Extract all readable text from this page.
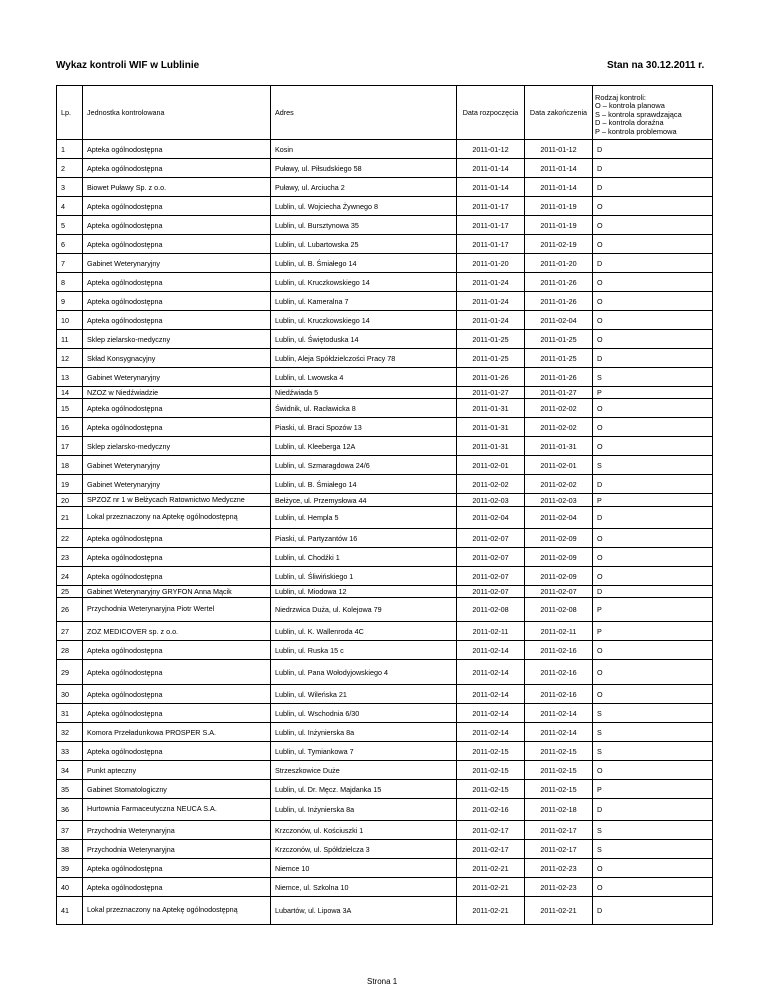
Wykaz kontroli WIF w Lublinie	Stan na 30.12.2011 r.
Lp.	Jednostka kontrolowana	Adres	Data rozpoczęcia	Data zakończenia	Rodzaj kontroli:
O – kontrola planowa
S – kontrola sprawdzająca
D – kontrola doraźna
P – kontrola problemowa

1	Apteka ogólnodostępna	Kosin	2011-01-12	2011-01-12	D
2	Apteka ogólnodostępna	Puławy, ul. Piłsudskiego 58	2011-01-14	2011-01-14	D
3	Biowet Puławy Sp. z o.o.	Puławy, ul. Arciucha 2	2011-01-14	2011-01-14	D
4	Apteka ogólnodostępna	Lublin, ul. Wojciecha Żywnego 8	2011-01-17	2011-01-19	O
5	Apteka ogólnodostępna	Lublin, ul. Bursztynowa 35	2011-01-17	2011-01-19	O
6	Apteka ogólnodostępna	Lublin, ul. Lubartowska 25	2011-01-17	2011-02-19	O
7	Gabinet Weterynaryjny	Lublin, ul. B. Śmiałego 14	2011-01-20	2011-01-20	D
8	Apteka ogólnodostępna	Lublin, ul. Kruczkowskiego 14	2011-01-24	2011-01-26	O
9	Apteka ogólnodostępna	Lublin, ul. Kameralna 7	2011-01-24	2011-01-26	O
10	Apteka ogólnodostępna	Lublin, ul. Kruczkowskiego 14	2011-01-24	2011-02-04	O
11	Sklep zielarsko-medyczny	Lublin, ul. Świętoduska 14	2011-01-25	2011-01-25	O
12	Skład Konsygnacyjny	Lublin, Aleja Spółdzielczości Pracy 78	2011-01-25	2011-01-25	D
13	Gabinet Weterynaryjny	Lublin, ul. Lwowska 4	2011-01-26	2011-01-26	S
14	NZOZ w Niedźwiadzie	Niedźwiada 5	2011-01-27	2011-01-27	P
15	Apteka ogólnodostępna	Świdnik, ul. Racławicka 8	2011-01-31	2011-02-02	O
16	Apteka ogólnodostępna	Piaski, ul. Braci Spozów 13	2011-01-31	2011-02-02	O
17	Sklep zielarsko-medyczny	Lublin, ul. Kleeberga 12A	2011-01-31	2011-01-31	O
18	Gabinet Weterynaryjny	Lublin, ul. Szmaragdowa 24/6	2011-02-01	2011-02-01	S
19	Gabinet Weterynaryjny	Lublin, ul. B. Śmiałego 14	2011-02-02	2011-02-02	D
20	SPZOZ nr 1 w Bełżycach Ratownictwo Medyczne	Bełżyce, ul. Przemysłowa 44	2011-02-03	2011-02-03	P
21	Lokal przeznaczony na Aptekę ogólnodostępną	Lublin, ul. Hempla 5	2011-02-04	2011-02-04	D
22	Apteka ogólnodostępna	Piaski, ul. Partyzantów 16	2011-02-07	2011-02-09	O
23	Apteka ogólnodostępna	Lublin, ul. Chodźki 1	2011-02-07	2011-02-09	O
24	Apteka ogólnodostępna	Lublin, ul. Śliwińskiego 1	2011-02-07	2011-02-09	O
25	Gabinet Weterynaryjny GRYFON Anna Mącik	Lublin, ul. Miodowa 12	2011-02-07	2011-02-07	D
26	Przychodnia Weterynaryjna Piotr Wertel	Niedrzwica Duża, ul. Kolejowa 79	2011-02-08	2011-02-08	P
27	ZOZ MEDICOVER sp. z o.o.	Lublin, ul. K. Wallenroda 4C	2011-02-11	2011-02-11	P
28	Apteka ogólnodostępna	Lublin, ul. Ruska 15 c	2011-02-14	2011-02-16	O
29	Apteka ogólnodostępna	Lublin, ul. Pana Wołodyjowskiego 4	2011-02-14	2011-02-16	O
30	Apteka ogólnodostępna	Lublin, ul. Wileńska 21	2011-02-14	2011-02-16	O
31	Apteka ogólnodostępna	Lublin, ul. Wschodnia 6/30	2011-02-14	2011-02-14	S
32	Komora Przeładunkowa PROSPER S.A.	Lublin, ul. Inżynierska 8a	2011-02-14	2011-02-14	S
33	Apteka ogólnodostępna	Lublin, ul. Tymiankowa 7	2011-02-15	2011-02-15	S
34	Punkt apteczny	Strzeszkowice Duże	2011-02-15	2011-02-15	O
35	Gabinet Stomatologiczny	Lublin, ul. Dr. Męcz. Majdanka 15	2011-02-15	2011-02-15	P
36	Hurtownia Farmaceutyczna NEUCA S.A.	Lublin, ul. Inżynierska 8a	2011-02-16	2011-02-18	D
37	Przychodnia Weterynaryjna	Krzczonów, ul. Kościuszki 1	2011-02-17	2011-02-17	S
38	Przychodnia Weterynaryjna	Krzczonów, ul. Spółdzielcza 3	2011-02-17	2011-02-17	S
39	Apteka ogólnodostępna	Niemce 10	2011-02-21	2011-02-23	O
40	Apteka ogólnodostępna	Niemce, ul. Szkolna 10	2011-02-21	2011-02-23	O
41	Lokal przeznaczony na Aptekę ogólnodostępną	Lubartów, ul. Lipowa 3A	2011-02-21	2011-02-21	D
Strona 1
